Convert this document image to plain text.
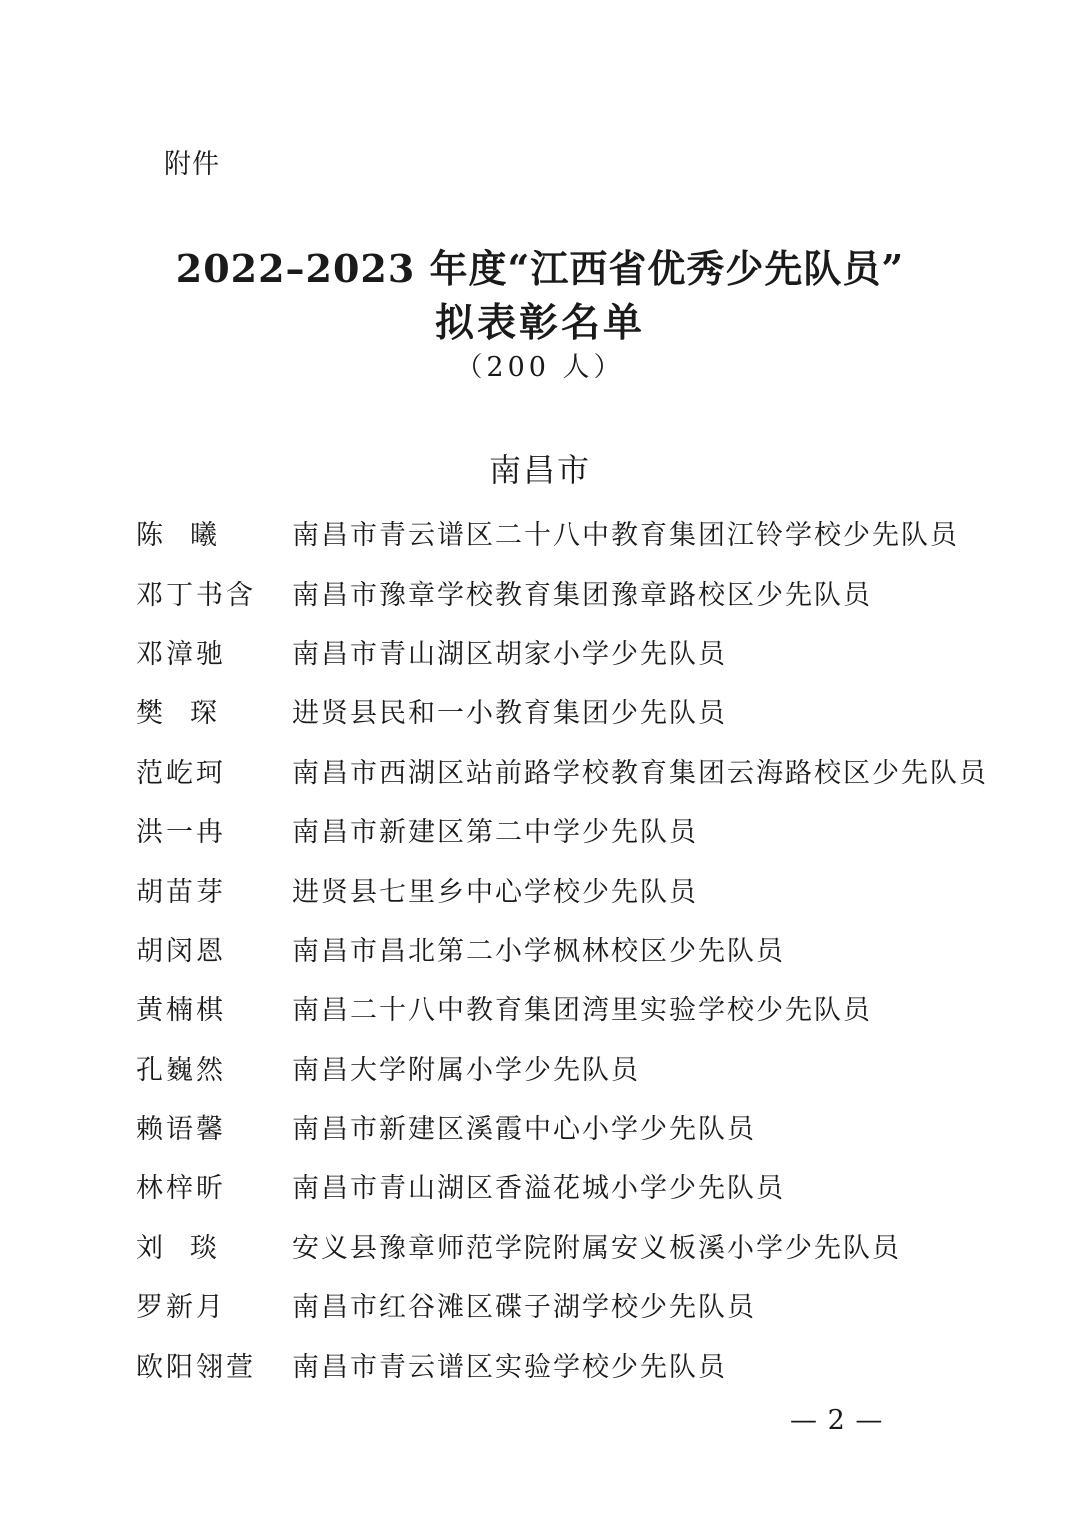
附件
2022–2023 年度“江西省优秀少先队员”
拟表彰名单
（200 人）
南昌市
陈曦	南昌市青云谱区二十八中教育集团江铃学校少先队员
邓丁书含	南昌市豫章学校教育集团豫章路校区少先队员
邓漳驰	南昌市青山湖区胡家小学少先队员
樊琛	进贤县民和一小教育集团少先队员
范屹珂	南昌市西湖区站前路学校教育集团云海路校区少先队员
洪一冉	南昌市新建区第二中学少先队员
胡苗芽	进贤县七里乡中心学校少先队员
胡闵恩	南昌市昌北第二小学枫林校区少先队员
黄楠棋	南昌二十八中教育集团湾里实验学校少先队员
孔巍然	南昌大学附属小学少先队员
赖语馨	南昌市新建区溪霞中心小学少先队员
林梓昕	南昌市青山湖区香溢花城小学少先队员
刘琰	安义县豫章师范学院附属安义板溪小学少先队员
罗新月	南昌市红谷滩区碟子湖学校少先队员
欧阳翎萱	南昌市青云谱区实验学校少先队员
— 2 —
